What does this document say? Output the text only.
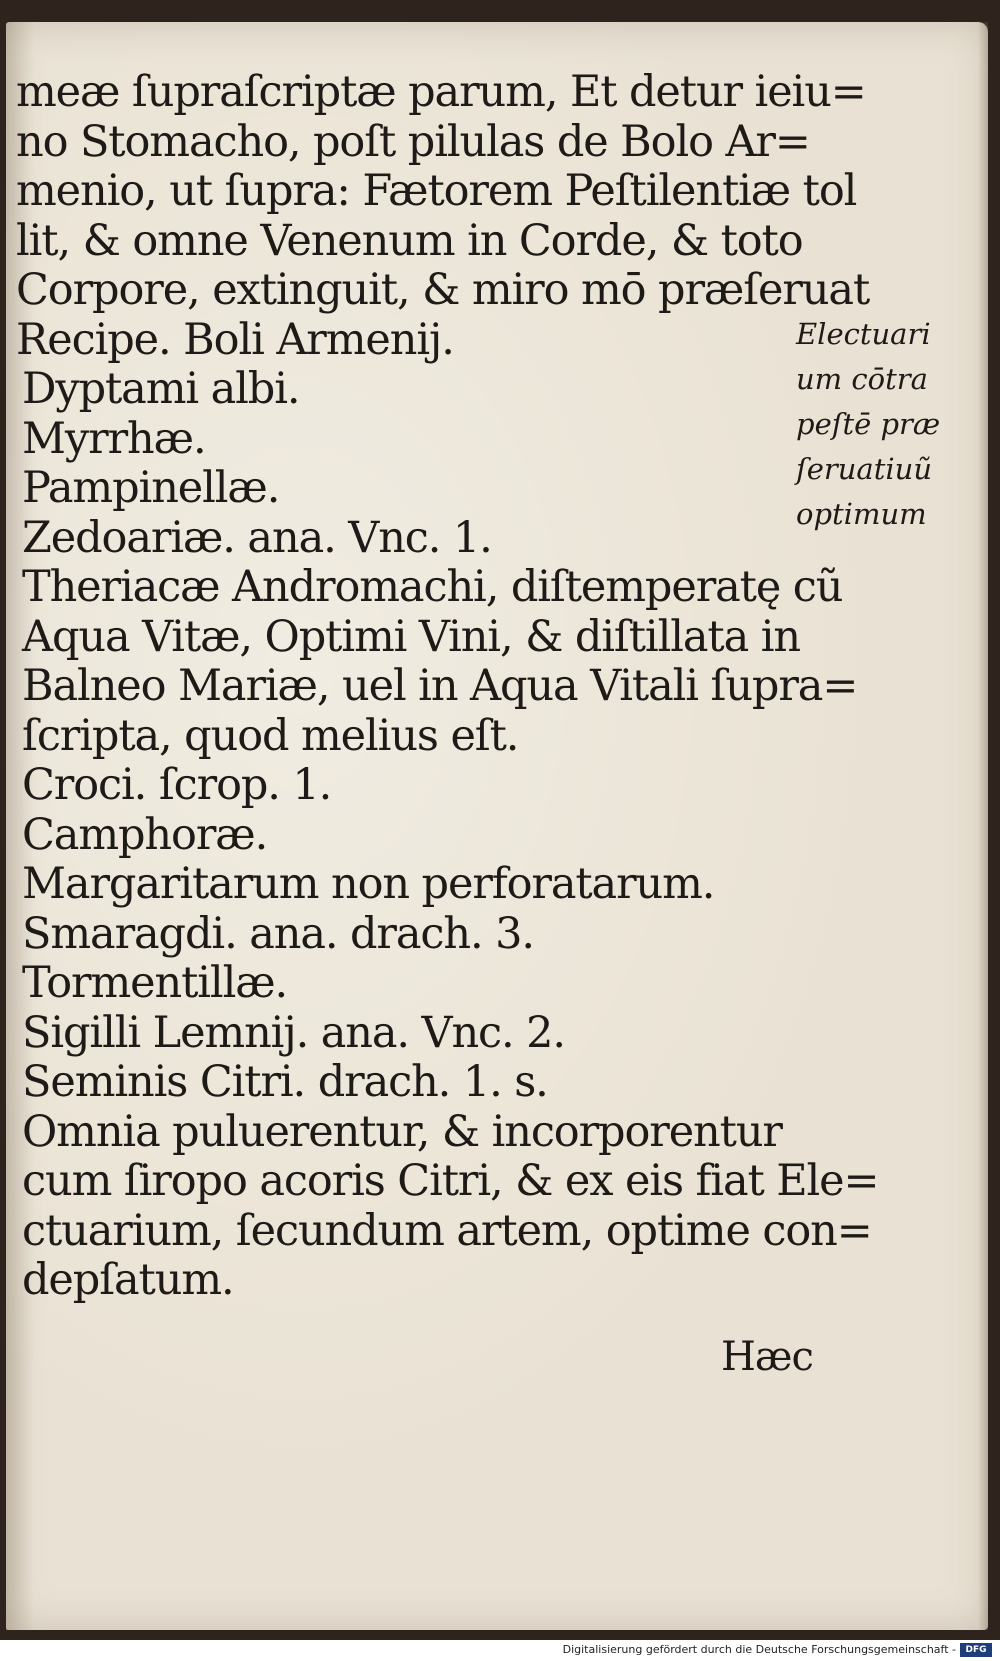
meæ ſupraſcriptæ parum, Et detur ieiu=
no Stomacho, poſt pilulas de Bolo Ar=
menio, ut ſupra: Fætorem Peſtilentiæ tol
lit, & omne Venenum in Corde, & toto
Corpore, extinguit, & miro mō præſeruat
Recipe. Boli Armenij.
Dyptami albi.
Myrrhæ.
Pampinellæ.
Zedoariæ. ana. Vnc. 1.
Theriacæ Andromachi, diſtemperatę cũ
Aqua Vitæ, Optimi Vini, & diſtillata in
Balneo Mariæ, uel in Aqua Vitali ſupra=
ſcripta, quod melius eſt.
Croci. ſcrop. 1.
Camphoræ.
Margaritarum non perforatarum.
Smaragdi. ana. drach. 3.
Tormentillæ.
Sigilli Lemnij. ana. Vnc. 2.
Seminis Citri. drach. 1. s.
Omnia puluerentur, & incorporentur
cum ſiropo acoris Citri, & ex eis fiat Ele=
ctuarium, ſecundum artem, optime con=
depſatum.
Electuari
um cōtra
peſtē præ
ſeruatiuũ
optimum
Hæc
Digitalisierung gefördert durch die Deutsche Forschungsgemeinschaft -	DFG
